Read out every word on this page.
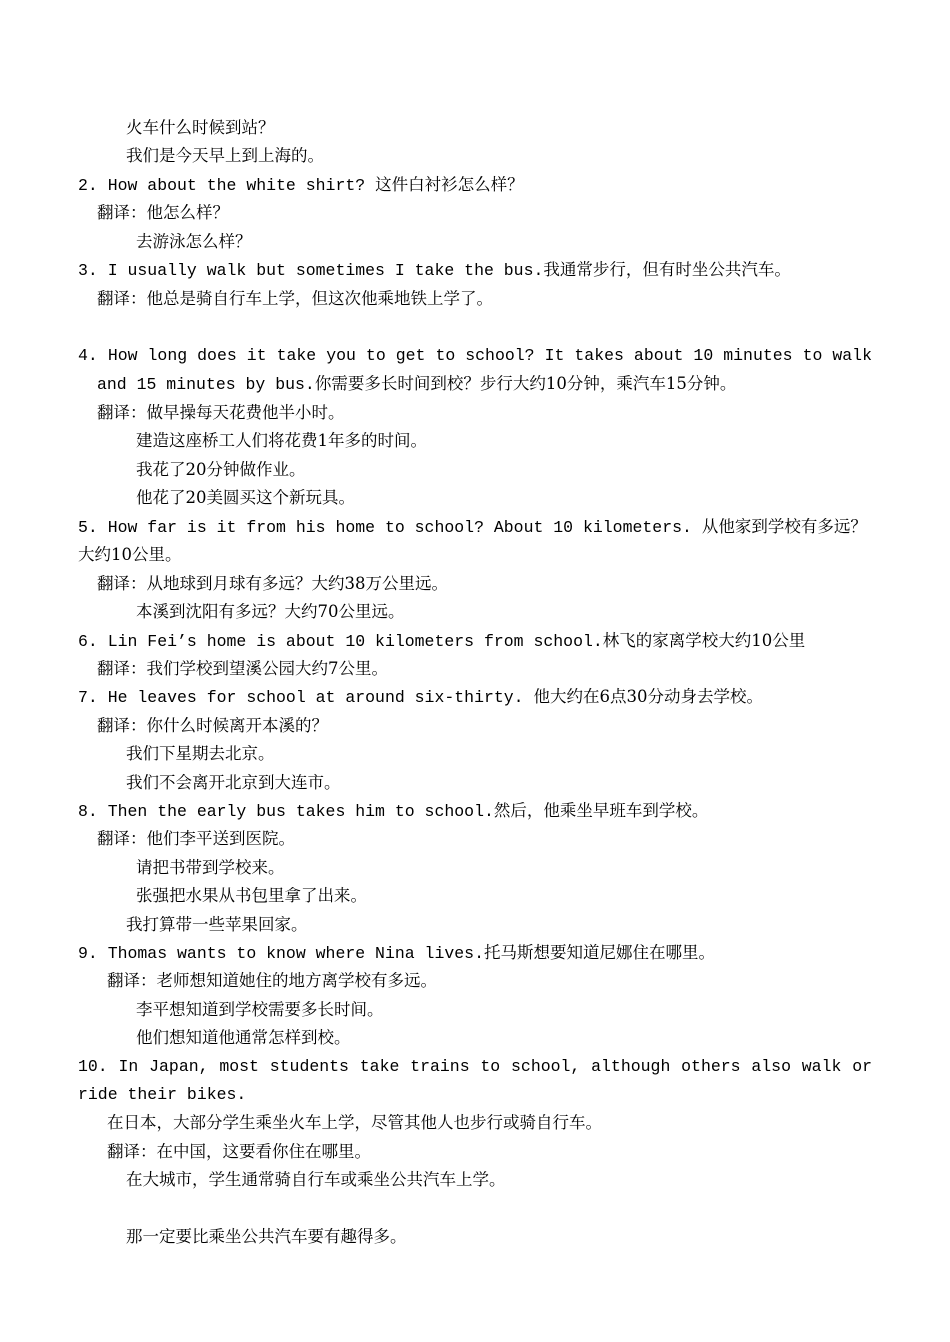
火车什么时候到站？
我们是今天早上到上海的。
2. How about the white shirt? 这件白衬衫怎么样？
翻译：他怎么样？
去游泳怎么样？
3. I usually walk but sometimes I take the bus.我通常步行，但有时坐公共汽车。
翻译：他总是骑自行车上学，但这次他乘地铁上学了。
4. How long does it take you to get to school? It takes about 10 minutes to walk
and 15 minutes by bus.你需要多长时间到校？步行大约10分钟，乘汽车15分钟。
翻译：做早操每天花费他半小时。
建造这座桥工人们将花费1年多的时间。
我花了20分钟做作业。
他花了20美圆买这个新玩具。
5. How far is it from his home to school? About 10 kilometers. 从他家到学校有多远？
大约10公里。
翻译：从地球到月球有多远？大约38万公里远。
本溪到沈阳有多远？大约70公里远。
6. Lin Fei’s home is about 10 kilometers from school.林飞的家离学校大约10公里
翻译：我们学校到望溪公园大约7公里。
7. He leaves for school at around six-thirty. 他大约在6点30分动身去学校。
翻译：你什么时候离开本溪的？
我们下星期去北京。
我们不会离开北京到大连市。
8. Then the early bus takes him to school.然后，他乘坐早班车到学校。
翻译：他们李平送到医院。
请把书带到学校来。
张强把水果从书包里拿了出来。
我打算带一些苹果回家。
9. Thomas wants to know where Nina lives.托马斯想要知道尼娜住在哪里。
翻译：老师想知道她住的地方离学校有多远。
李平想知道到学校需要多长时间。
他们想知道他通常怎样到校。
10. In Japan, most students take trains to school, although others also walk or
ride their bikes.
在日本，大部分学生乘坐火车上学，尽管其他人也步行或骑自行车。
翻译：在中国，这要看你住在哪里。
在大城市，学生通常骑自行车或乘坐公共汽车上学。
那一定要比乘坐公共汽车要有趣得多。
